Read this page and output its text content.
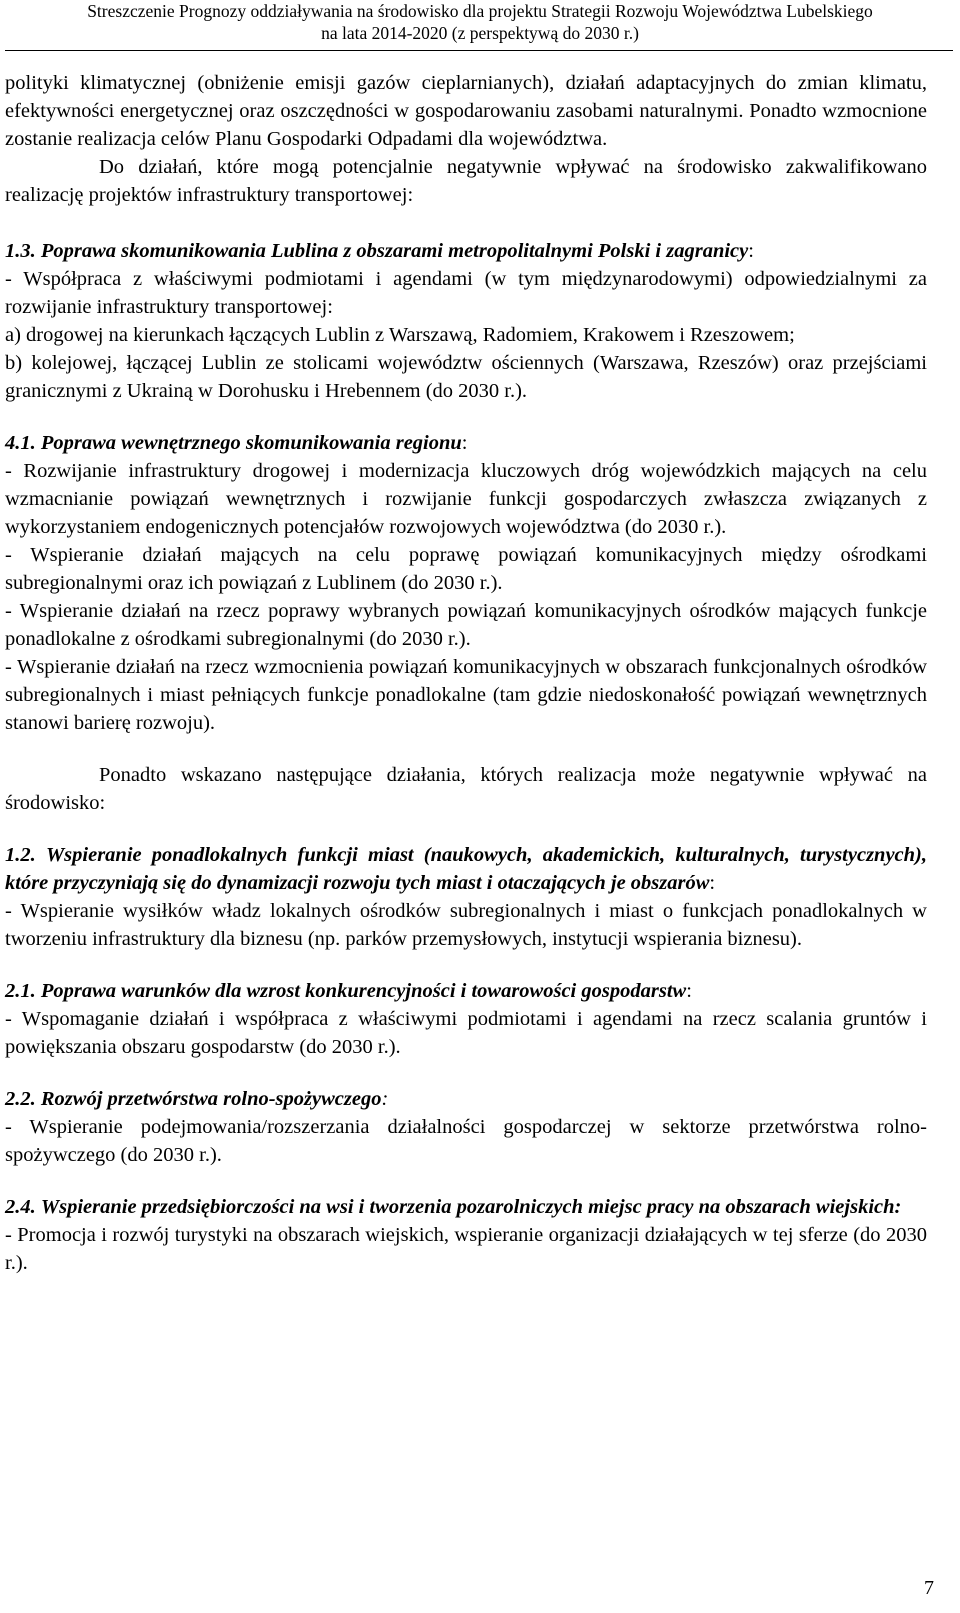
Streszczenie Prognozy oddziaływania na środowisko dla projektu Strategii Rozwoju Województwa Lubelskiego
na lata 2014-2020 (z perspektywą do 2030 r.)

polityki klimatycznej (obniżenie emisji gazów cieplarnianych), działań adaptacyjnych do zmian klimatu, efektywności energetycznej oraz oszczędności w gospodarowaniu zasobami naturalnymi. Ponadto wzmocnione zostanie realizacja celów Planu Gospodarki Odpadami dla województwa.

Do działań, które mogą potencjalnie negatywnie wpływać na środowisko zakwalifikowano realizację projektów infrastruktury transportowej:

1.3. Poprawa skomunikowania Lublina z obszarami metropolitalnymi Polski i zagranicy:

- Współpraca z właściwymi podmiotami i agendami (w tym międzynarodowymi) odpowiedzialnymi za rozwijanie infrastruktury transportowej:

a) drogowej na kierunkach łączących Lublin z Warszawą, Radomiem, Krakowem i Rzeszowem;

b) kolejowej, łączącej Lublin ze stolicami województw ościennych (Warszawa, Rzeszów) oraz przejściami granicznymi z Ukrainą w Dorohusku i Hrebennem (do 2030 r.).

4.1. Poprawa wewnętrznego skomunikowania regionu:

- Rozwijanie infrastruktury drogowej i modernizacja kluczowych dróg wojewódzkich mających na celu wzmacnianie powiązań wewnętrznych i rozwijanie funkcji gospodarczych zwłaszcza związanych z wykorzystaniem endogenicznych potencjałów rozwojowych województwa (do 2030 r.).

- Wspieranie działań mających na celu poprawę powiązań komunikacyjnych między ośrodkami subregionalnymi oraz ich powiązań z Lublinem (do 2030 r.).

- Wspieranie działań na rzecz poprawy wybranych powiązań komunikacyjnych ośrodków mających funkcje ponadlokalne z ośrodkami subregionalnymi (do 2030 r.).

- Wspieranie działań na rzecz wzmocnienia powiązań komunikacyjnych w obszarach funkcjonalnych ośrodków subregionalnych i miast pełniących funkcje ponadlokalne (tam gdzie niedoskonałość powiązań wewnętrznych stanowi barierę rozwoju).

Ponadto wskazano następujące działania, których realizacja może negatywnie wpływać na środowisko:

1.2. Wspieranie ponadlokalnych funkcji miast (naukowych, akademickich, kulturalnych, turystycznych), które przyczyniają się do dynamizacji rozwoju tych miast i otaczających je obszarów:

- Wspieranie wysiłków władz lokalnych ośrodków subregionalnych i miast o funkcjach ponadlokalnych w tworzeniu infrastruktury dla biznesu (np. parków przemysłowych, instytucji wspierania biznesu).

2.1. Poprawa warunków dla wzrost konkurencyjności i towarowości gospodarstw:

- Wspomaganie działań i współpraca z właściwymi podmiotami i agendami na rzecz scalania gruntów i powiększania obszaru gospodarstw (do 2030 r.).

2.2. Rozwój przetwórstwa rolno-spożywczego:

- Wspieranie podejmowania/rozszerzania działalności gospodarczej w sektorze przetwórstwa rolno-spożywczego (do 2030 r.).

2.4. Wspieranie przedsiębiorczości na wsi i tworzenia pozarolniczych miejsc pracy na obszarach wiejskich:

- Promocja i rozwój turystyki na obszarach wiejskich, wspieranie organizacji działających w tej sferze (do 2030 r.).

7
